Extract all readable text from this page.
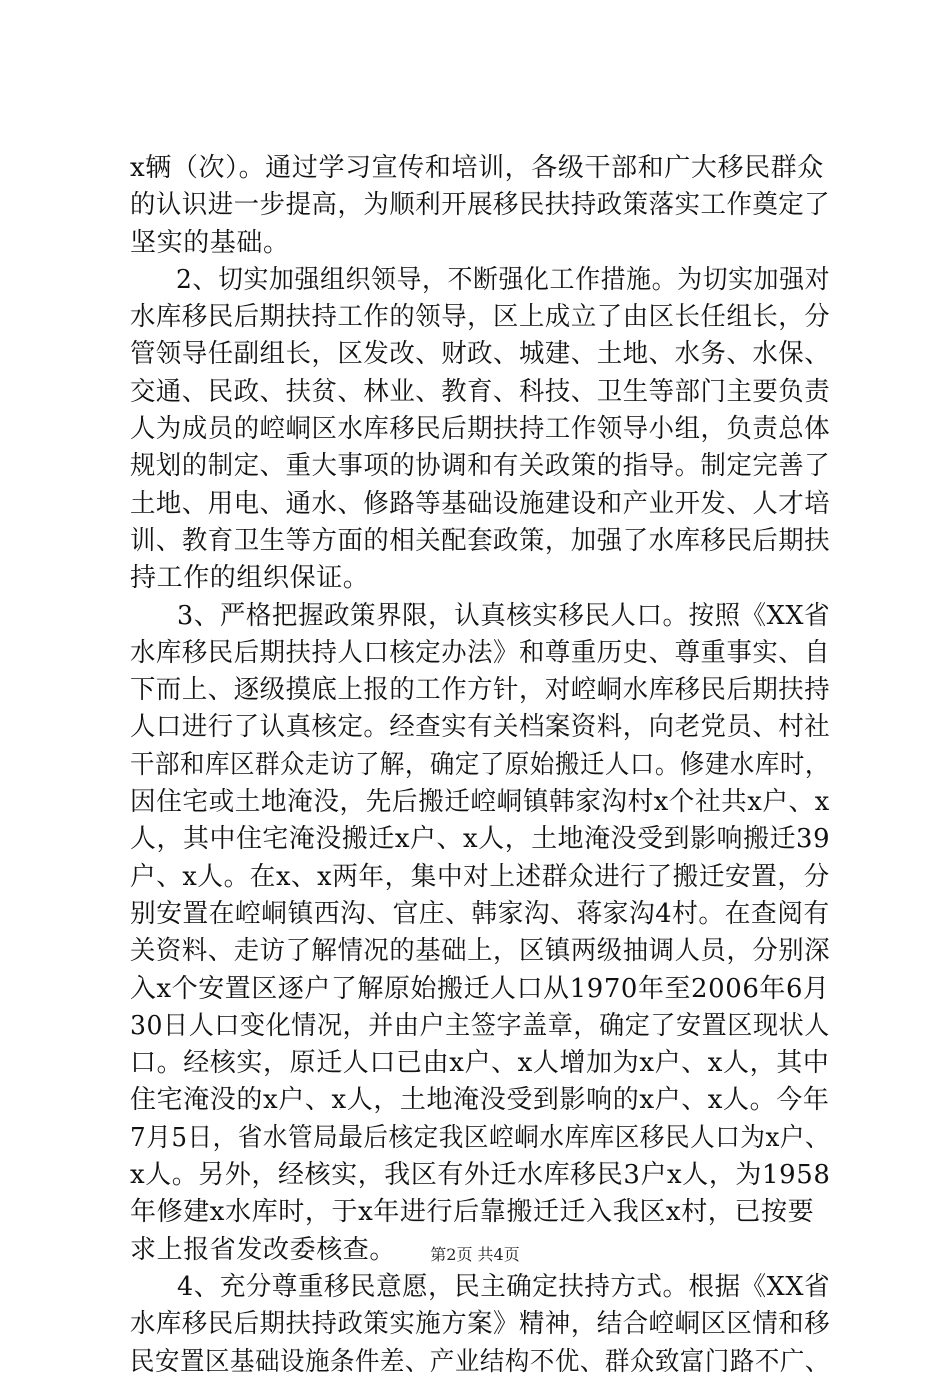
x辆（次）。通过学习宣传和培训，各级干部和广大移民群众
的认识进一步提高，为顺利开展移民扶持政策落实工作奠定了
坚实的基础。
2、切实加强组织领导，不断强化工作措施。为切实加强对
水库移民后期扶持工作的领导，区上成立了由区长任组长，分
管领导任副组长，区发改、财政、城建、土地、水务、水保、
交通、民政、扶贫、林业、教育、科技、卫生等部门主要负责
人为成员的崆峒区水库移民后期扶持工作领导小组，负责总体
规划的制定、重大事项的协调和有关政策的指导。制定完善了
土地、用电、通水、修路等基础设施建设和产业开发、人才培
训、教育卫生等方面的相关配套政策，加强了水库移民后期扶
持工作的组织保证。
3、严格把握政策界限，认真核实移民人口。按照《XX省
水库移民后期扶持人口核定办法》和尊重历史、尊重事实、自
下而上、逐级摸底上报的工作方针，对崆峒水库移民后期扶持
人口进行了认真核定。经查实有关档案资料，向老党员、村社
干部和库区群众走访了解，确定了原始搬迁人口。修建水库时，
因住宅或土地淹没，先后搬迁崆峒镇韩家沟村x个社共x户、x
人，其中住宅淹没搬迁x户、x人，土地淹没受到影响搬迁39
户、x人。在x、x两年，集中对上述群众进行了搬迁安置，分
别安置在崆峒镇西沟、官庄、韩家沟、蒋家沟4村。在查阅有
关资料、走访了解情况的基础上，区镇两级抽调人员，分别深
入x个安置区逐户了解原始搬迁人口从1970年至2006年6月
30日人口变化情况，并由户主签字盖章，确定了安置区现状人
口。经核实，原迁人口已由x户、x人增加为x户、x人，其中
住宅淹没的x户、x人，土地淹没受到影响的x户、x人。今年
7月5日，省水管局最后核定我区崆峒水库库区移民人口为x户、
x人。另外，经核实，我区有外迁水库移民3户x人，为1958
年修建x水库时，于x年进行后靠搬迁迁入我区x村，已按要
求上报省发改委核查。
4、充分尊重移民意愿，民主确定扶持方式。根据《XX省
水库移民后期扶持政策实施方案》精神，结合崆峒区区情和移
民安置区基础设施条件差、产业结构不优、群众致富门路不广、
第2页 共4页
